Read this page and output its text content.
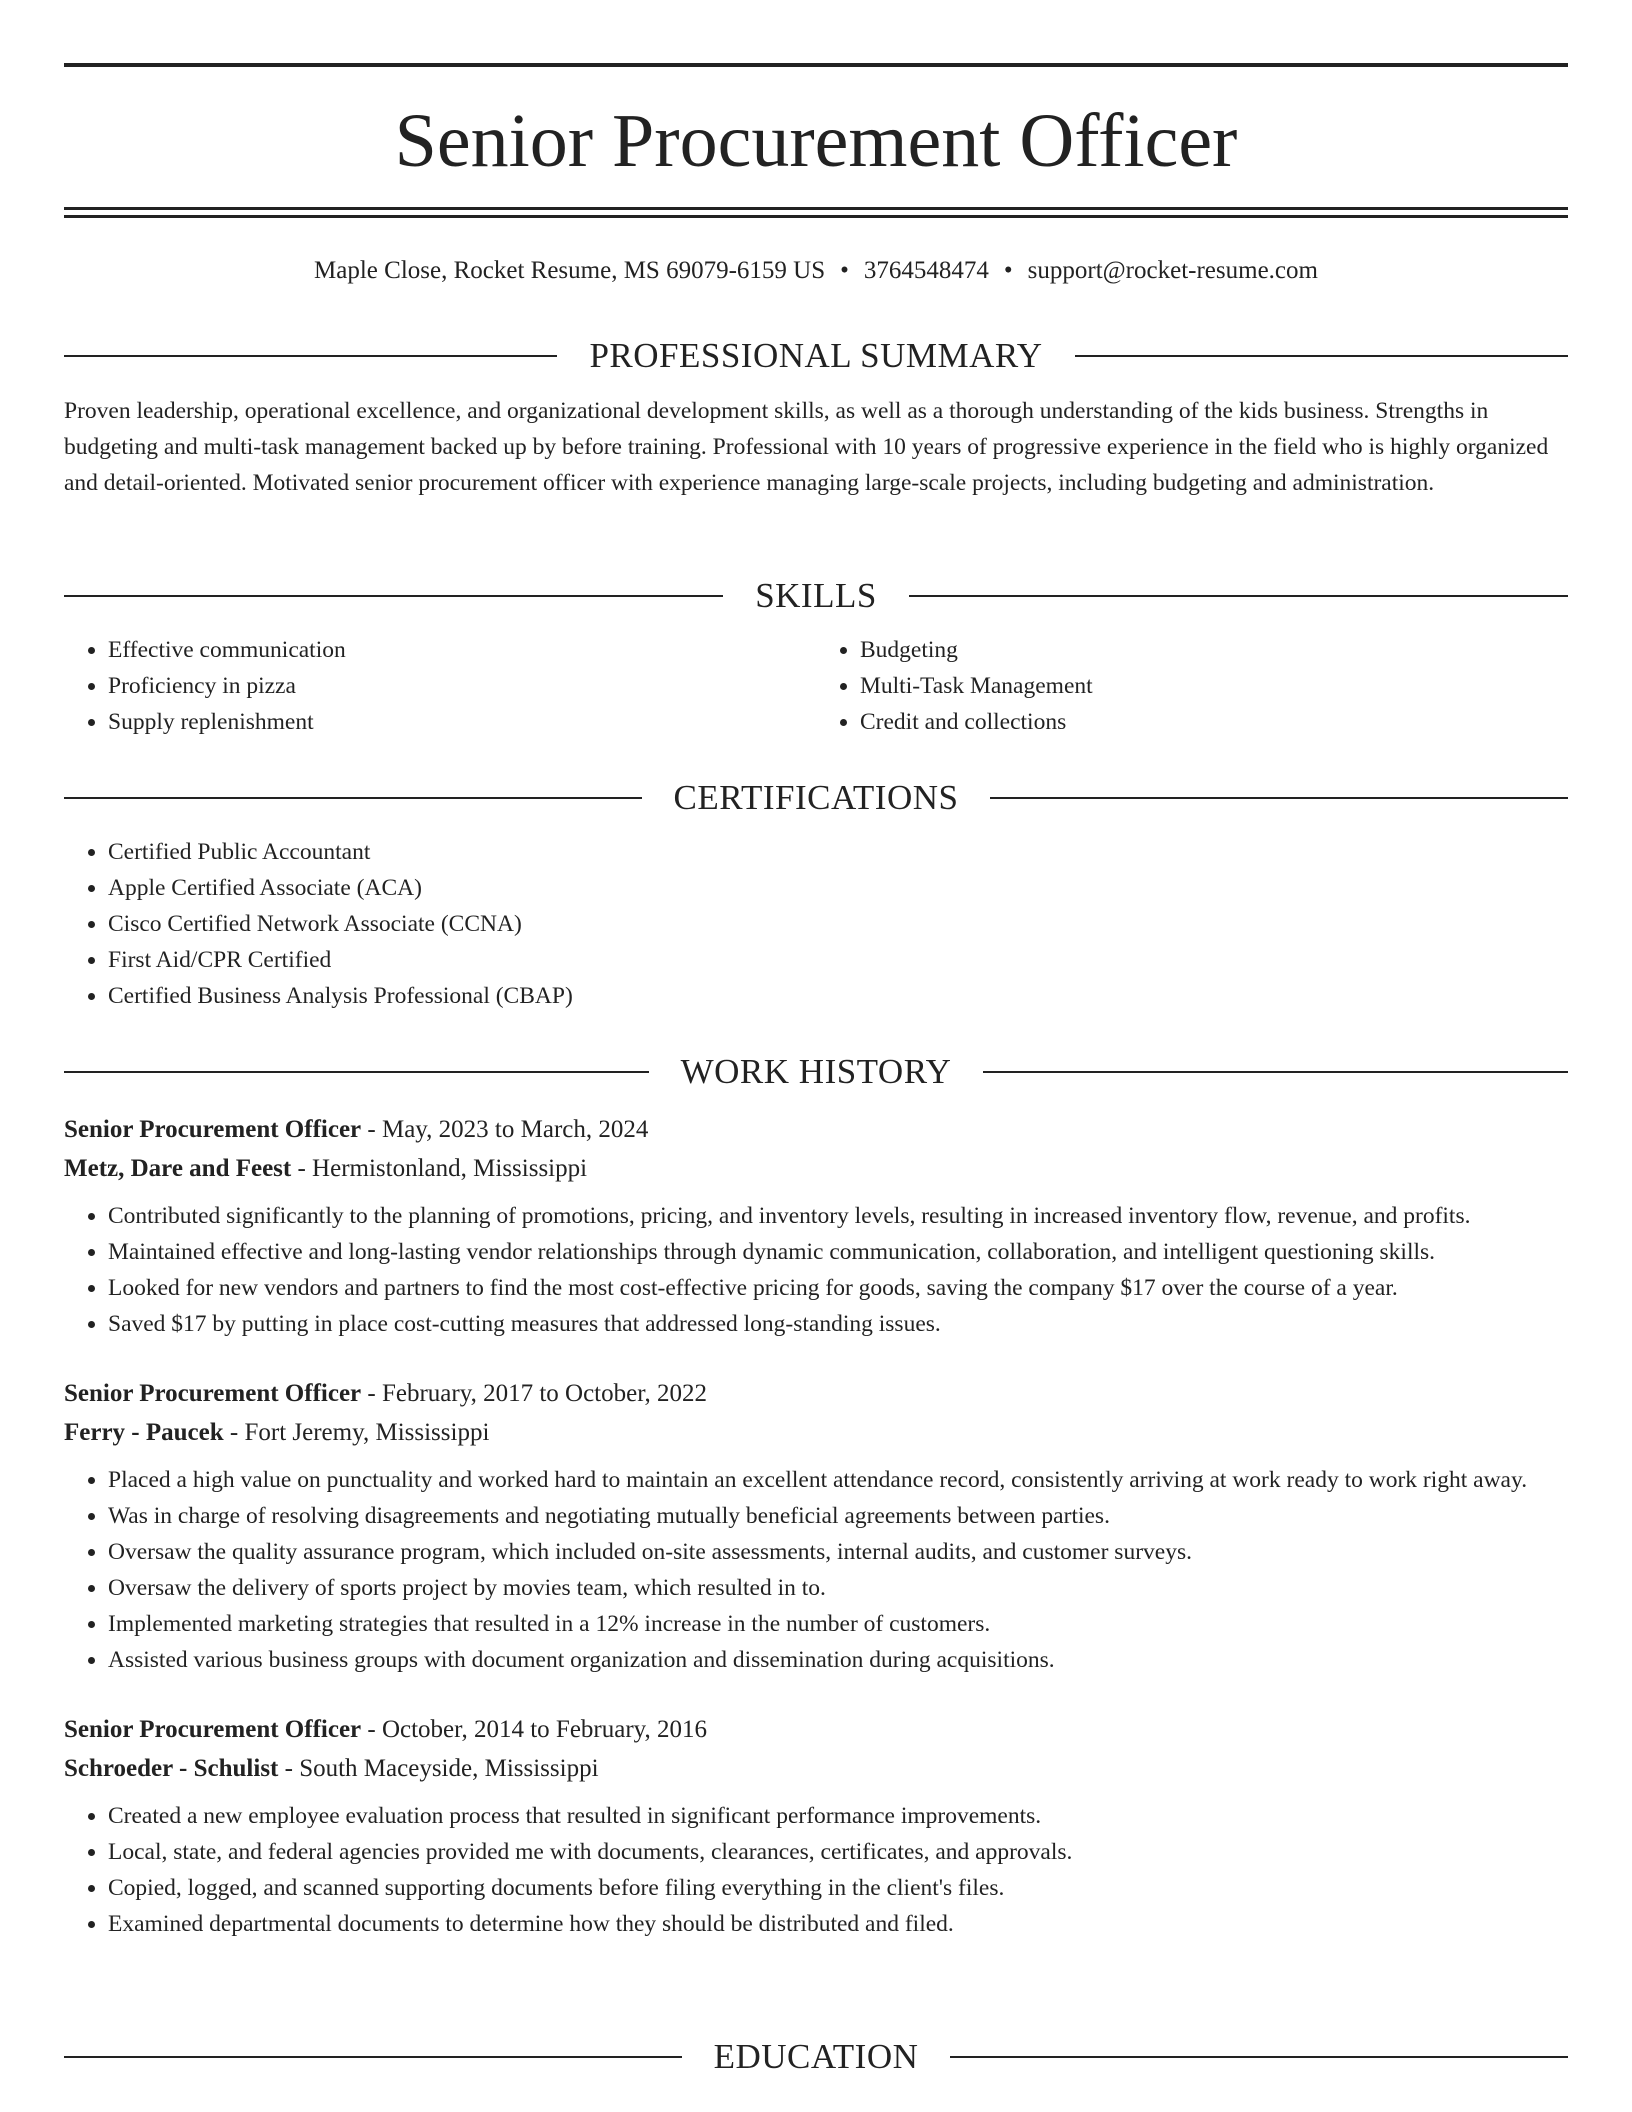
Senior Procurement Officer
Maple Close, Rocket Resume, MS 69079-6159 US • 3764548474 • support@rocket-resume.com
PROFESSIONAL SUMMARY

Proven leadership, operational excellence, and organizational development skills, as well as a thorough understanding of the kids business. Strengths in budgeting and multi-task management backed up by before training. Professional with 10 years of progressive experience in the field who is highly organized and detail-oriented. Motivated senior procurement officer with experience managing large-scale projects, including budgeting and administration.

SKILLS
• Effective communication
• Proficiency in pizza
• Supply replenishment
• Budgeting
• Multi-Task Management
• Credit and collections
CERTIFICATIONS
• Certified Public Accountant
• Apple Certified Associate (ACA)
• Cisco Certified Network Associate (CCNA)
• First Aid/CPR Certified
• Certified Business Analysis Professional (CBAP)
WORK HISTORY
Senior Procurement Officer - May, 2023 to March, 2024
Metz, Dare and Feest - Hermistonland, Mississippi
• Contributed significantly to the planning of promotions, pricing, and inventory levels, resulting in increased inventory flow, revenue, and profits.
• Maintained effective and long-lasting vendor relationships through dynamic communication, collaboration, and intelligent questioning skills.
• Looked for new vendors and partners to find the most cost-effective pricing for goods, saving the company $17 over the course of a year.
• Saved $17 by putting in place cost-cutting measures that addressed long-standing issues.
Senior Procurement Officer - February, 2017 to October, 2022
Ferry - Paucek - Fort Jeremy, Mississippi
• Placed a high value on punctuality and worked hard to maintain an excellent attendance record, consistently arriving at work ready to work right away.
• Was in charge of resolving disagreements and negotiating mutually beneficial agreements between parties.
• Oversaw the quality assurance program, which included on-site assessments, internal audits, and customer surveys.
• Oversaw the delivery of sports project by movies team, which resulted in to.
• Implemented marketing strategies that resulted in a 12% increase in the number of customers.
• Assisted various business groups with document organization and dissemination during acquisitions.
Senior Procurement Officer - October, 2014 to February, 2016
Schroeder - Schulist - South Maceyside, Mississippi
• Created a new employee evaluation process that resulted in significant performance improvements.
• Local, state, and federal agencies provided me with documents, clearances, certificates, and approvals.
• Copied, logged, and scanned supporting documents before filing everything in the client's files.
• Examined departmental documents to determine how they should be distributed and filed.
EDUCATION
